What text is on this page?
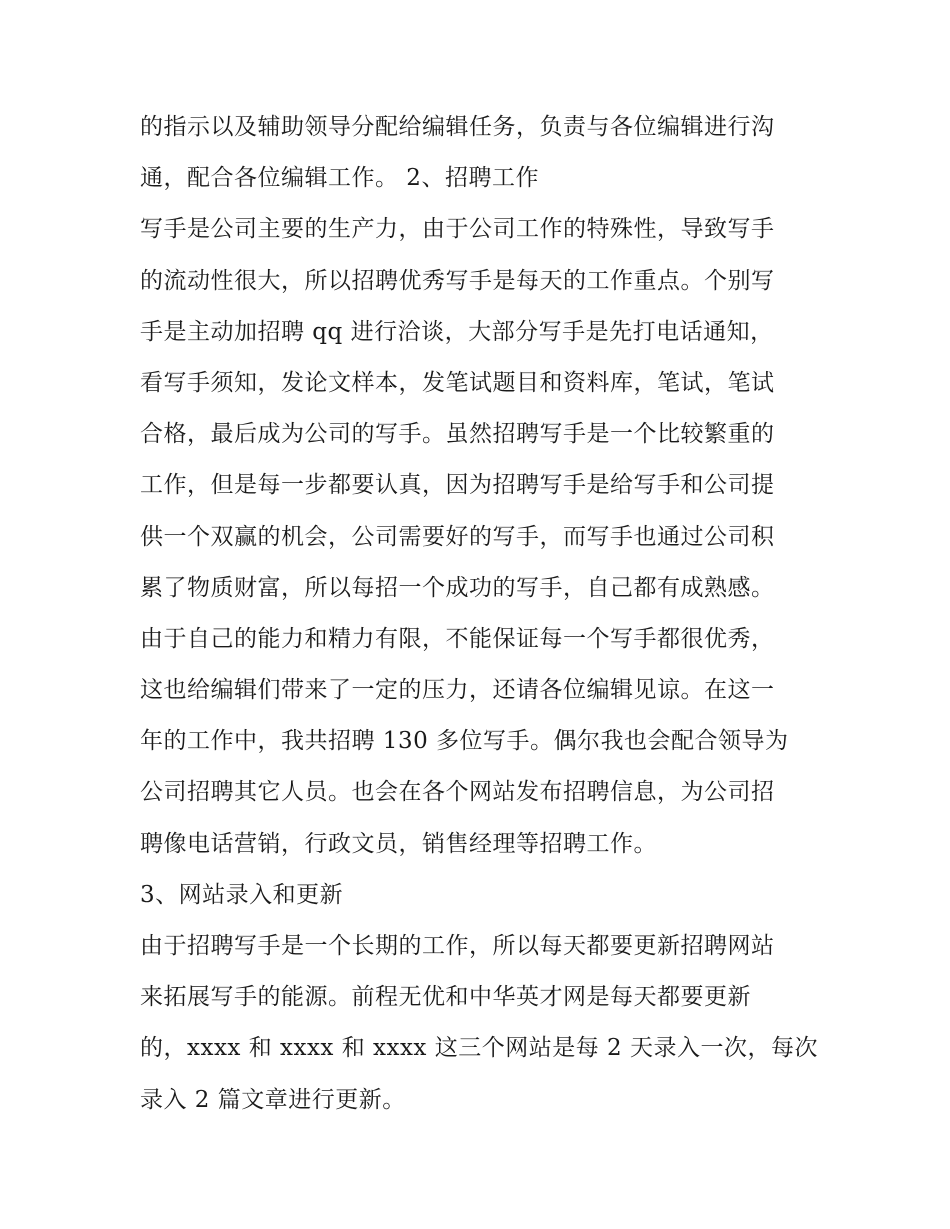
的指示以及辅助领导分配给编辑任务，负责与各位编辑进行沟
通，配合各位编辑工作。 2、招聘工作
写手是公司主要的生产力，由于公司工作的特殊性，导致写手
的流动性很大，所以招聘优秀写手是每天的工作重点。个别写
手是主动加招聘 qq 进行洽谈，大部分写手是先打电话通知，
看写手须知，发论文样本，发笔试题目和资料库，笔试，笔试
合格，最后成为公司的写手。虽然招聘写手是一个比较繁重的
工作，但是每一步都要认真，因为招聘写手是给写手和公司提
供一个双赢的机会，公司需要好的写手，而写手也通过公司积
累了物质财富，所以每招一个成功的写手，自己都有成熟感。
由于自己的能力和精力有限，不能保证每一个写手都很优秀，
这也给编辑们带来了一定的压力，还请各位编辑见谅。在这一
年的工作中，我共招聘 130 多位写手。偶尔我也会配合领导为
公司招聘其它人员。也会在各个网站发布招聘信息，为公司招
聘像电话营销，行政文员，销售经理等招聘工作。
3、网站录入和更新
由于招聘写手是一个长期的工作，所以每天都要更新招聘网站
来拓展写手的能源。前程无优和中华英才网是每天都要更新
的，xxxx 和 xxxx 和 xxxx 这三个网站是每 2 天录入一次，每次
录入 2 篇文章进行更新。
